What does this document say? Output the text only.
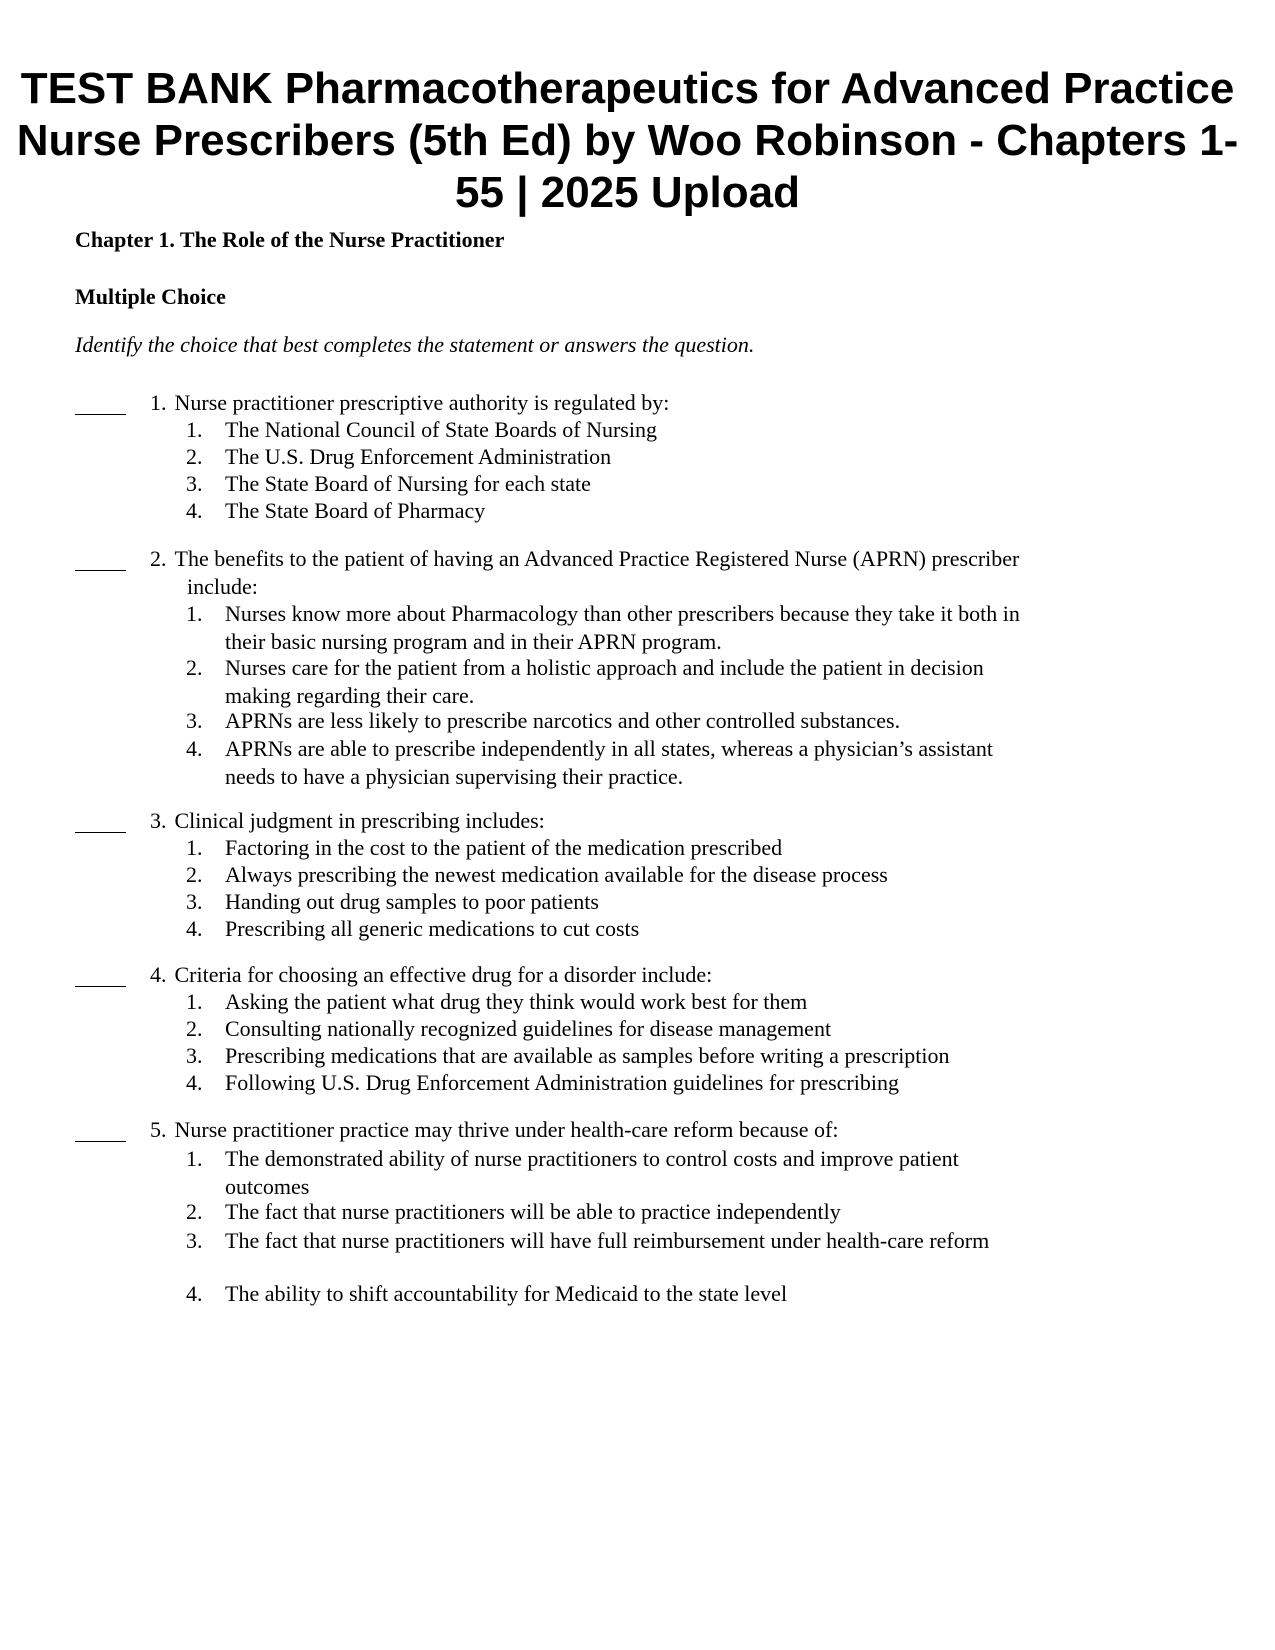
TEST BANK Pharmacotherapeutics for Advanced Practice Nurse Prescribers (5th Ed) by Woo Robinson - Chapters 1-55 | 2025 Upload
Chapter 1. The Role of the Nurse Practitioner
Multiple Choice
Identify the choice that best completes the statement or answers the question.
1. Nurse practitioner prescriptive authority is regulated by:
1. The National Council of State Boards of Nursing
2. The U.S. Drug Enforcement Administration
3. The State Board of Nursing for each state
4. The State Board of Pharmacy
2. The benefits to the patient of having an Advanced Practice Registered Nurse (APRN) prescriber
include:
1. Nurses know more about Pharmacology than other prescribers because they take it both in their basic nursing program and in their APRN program.
2. Nurses care for the patient from a holistic approach and include the patient in decision making regarding their care.
3. APRNs are less likely to prescribe narcotics and other controlled substances.
4. APRNs are able to prescribe independently in all states, whereas a physician’s assistant needs to have a physician supervising their practice.
3. Clinical judgment in prescribing includes:
1. Factoring in the cost to the patient of the medication prescribed
2. Always prescribing the newest medication available for the disease process
3. Handing out drug samples to poor patients
4. Prescribing all generic medications to cut costs
4. Criteria for choosing an effective drug for a disorder include:
1. Asking the patient what drug they think would work best for them
2. Consulting nationally recognized guidelines for disease management
3. Prescribing medications that are available as samples before writing a prescription
4. Following U.S. Drug Enforcement Administration guidelines for prescribing
5. Nurse practitioner practice may thrive under health-care reform because of:
1. The demonstrated ability of nurse practitioners to control costs and improve patient outcomes
2. The fact that nurse practitioners will be able to practice independently
3. The fact that nurse practitioners will have full reimbursement under health-care reform
4. The ability to shift accountability for Medicaid to the state level
